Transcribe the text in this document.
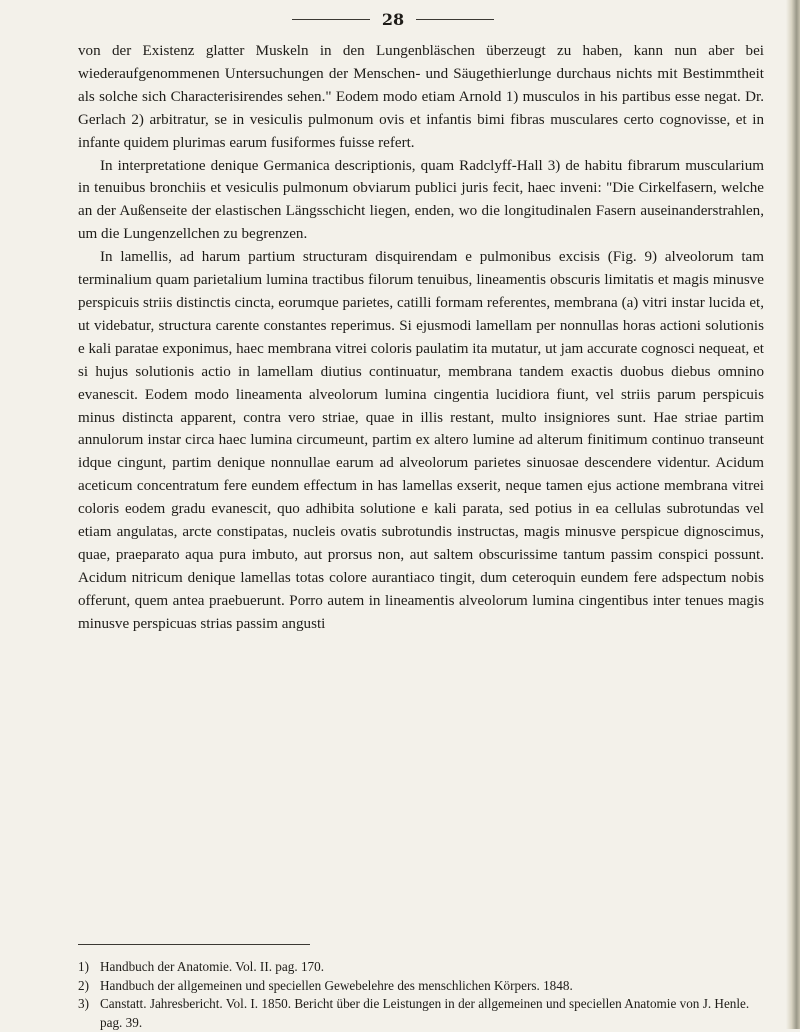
28

von der Existenz glatter Muskeln in den Lungenbläschen überzeugt zu haben, kann nun aber bei wiederaufgenommenen Untersuchungen der Menschen- und Säugethierlunge durchaus nichts mit Bestimmtheit als solche sich Characterisirendes sehen." Eodem modo etiam Arnold 1) musculos in his partibus esse negat. Dr. Gerlach 2) arbitratur, se in vesiculis pulmonum ovis et infantis bimi fibras musculares certo cognovisse, et in infante quidem plurimas earum fusiformes fuisse refert.

In interpretatione denique Germanica descriptionis, quam Radclyff-Hall 3) de habitu fibrarum muscularium in tenuibus bronchiis et vesiculis pulmonum obviarum publici juris fecit, haec inveni: "Die Cirkelfasern, welche an der Außenseite der elastischen Längsschicht liegen, enden, wo die longitudinalen Fasern auseinanderstrahlen, um die Lungenzellchen zu begrenzen.

In lamellis, ad harum partium structuram disquirendam e pulmonibus excisis (Fig. 9) alveolorum tam terminalium quam parietalium lumina tractibus filorum tenuibus, lineamentis obscuris limitatis et magis minusve perspicuis striis distinctis cincta, eorumque parietes, catilli formam referentes, membrana (a) vitri instar lucida et, ut videbatur, structura carente constantes reperimus. Si ejusmodi lamellam per nonnullas horas actioni solutionis e kali paratae exponimus, haec membrana vitrei coloris paulatim ita mutatur, ut jam accurate cognosci nequeat, et si hujus solutionis actio in lamellam diutius continuatur, membrana tandem exactis duobus diebus omnino evanescit. Eodem modo lineamenta alveolorum lumina cingentia lucidiora fiunt, vel striis parum perspicuis minus distincta apparent, contra vero striae, quae in illis restant, multo insigniores sunt. Hae striae partim annulorum instar circa haec lumina circumeunt, partim ex altero lumine ad alterum finitimum continuo transeunt idque cingunt, partim denique nonnullae earum ad alveolorum parietes sinuosae descendere videntur. Acidum aceticum concentratum fere eundem effectum in has lamellas exserit, neque tamen ejus actione membrana vitrei coloris eodem gradu evanescit, quo adhibita solutione e kali parata, sed potius in ea cellulas subrotundas vel etiam angulatas, arcte constipatas, nucleis ovatis subrotundis instructas, magis minusve perspicue dignoscimus, quae, praeparato aqua pura imbuto, aut prorsus non, aut saltem obscurissime tantum passim conspici possunt. Acidum nitricum denique lamellas totas colore aurantiaco tingit, dum ceteroquin eundem fere adspectum nobis offerunt, quem antea praebuerunt. Porro autem in lineamentis alveolorum lumina cingentibus inter tenues magis minusve perspicuas strias passim angusti

1) Handbuch der Anatomie. Vol. II. pag. 170.

2) Handbuch der allgemeinen und speciellen Gewebelehre des menschlichen Körpers. 1848.

3) Canstatt. Jahresbericht. Vol. I. 1850. Bericht über die Leistungen in der allgemeinen und speciellen Anatomie von J. Henle. pag. 39.
